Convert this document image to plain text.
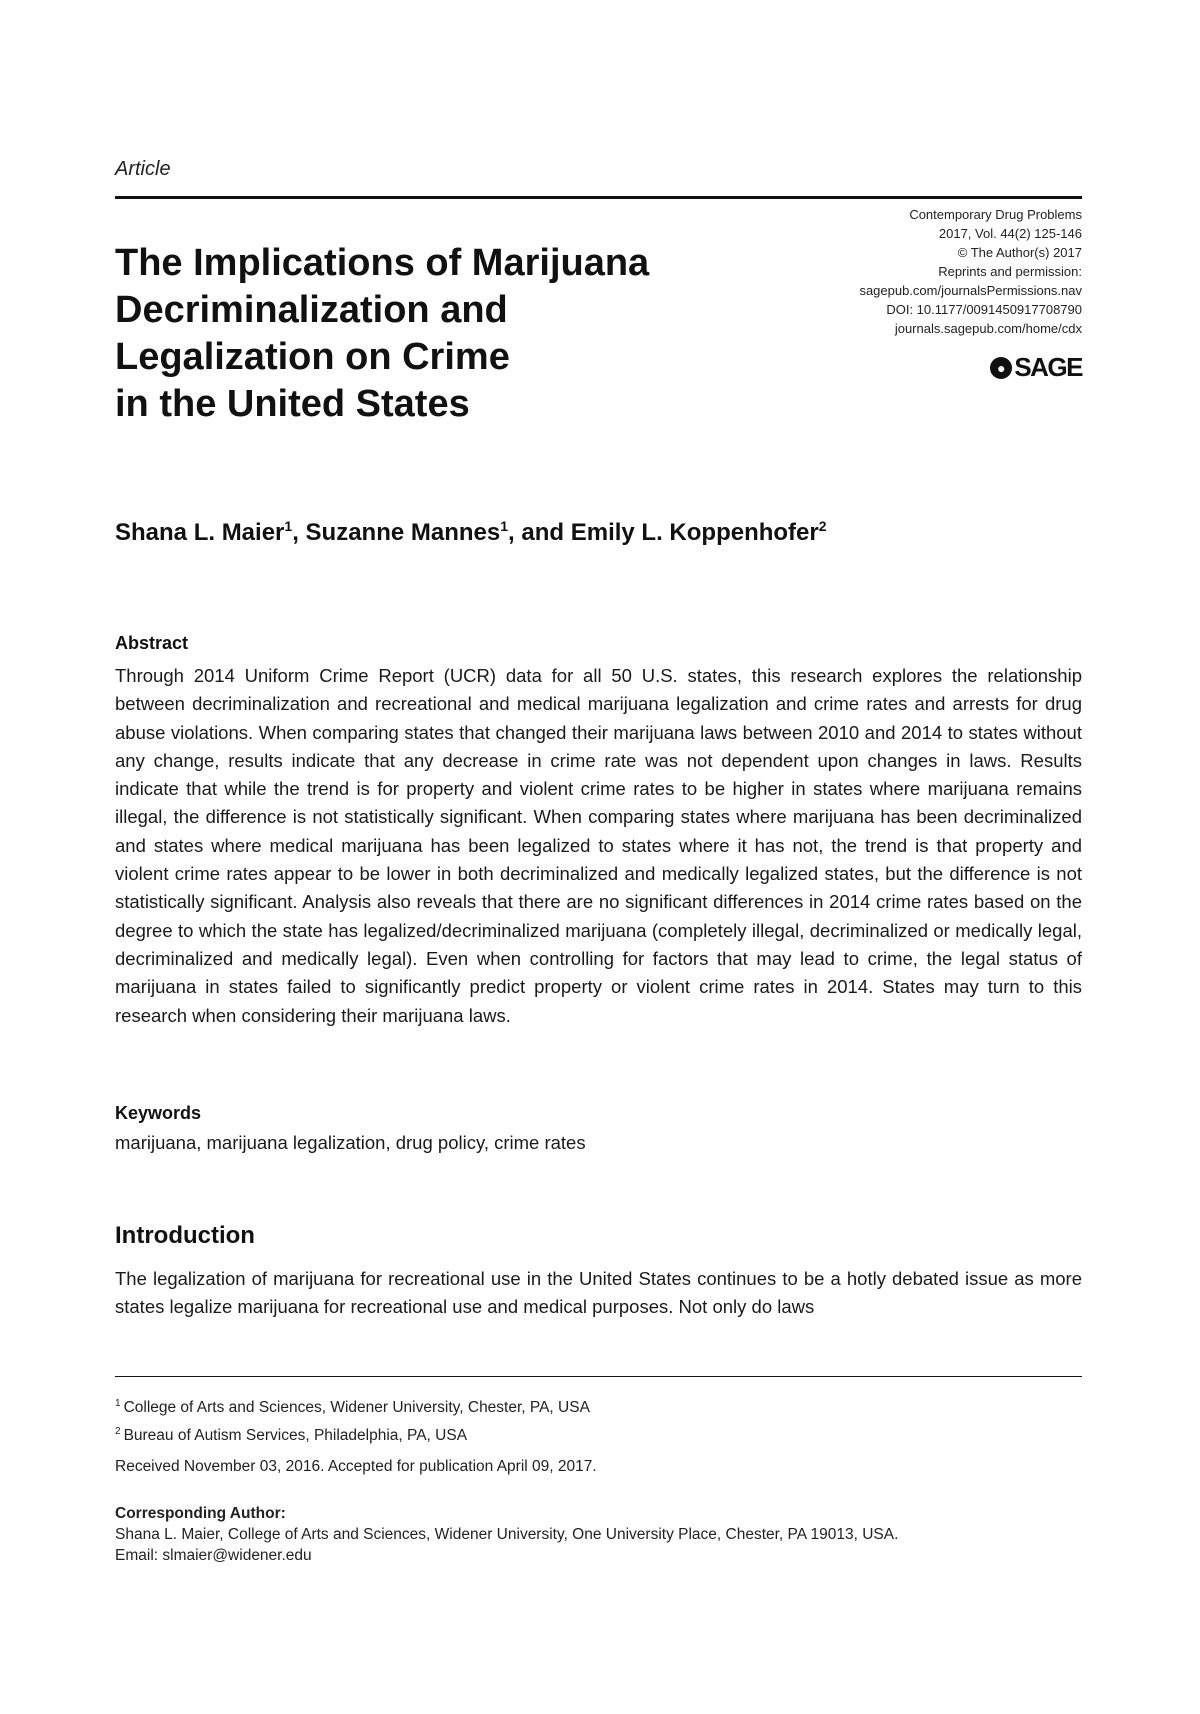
Article
Contemporary Drug Problems
2017, Vol. 44(2) 125-146
© The Author(s) 2017
Reprints and permission:
sagepub.com/journalsPermissions.nav
DOI: 10.1177/0091450917708790
journals.sagepub.com/home/cdx
● SAGE
The Implications of Marijuana
Decriminalization and
Legalization on Crime
in the United States
Shana L. Maier$^1$, Suzanne Mannes$^1$, and Emily L. Koppenhofer$^2$
Abstract
Through 2014 Uniform Crime Report (UCR) data for all 50 U.S. states, this research explores the relationship between decriminalization and recreational and medical marijuana legalization and crime rates and arrests for drug abuse violations. When comparing states that changed their marijuana laws between 2010 and 2014 to states without any change, results indicate that any decrease in crime rate was not dependent upon changes in laws. Results indicate that while the trend is for property and violent crime rates to be higher in states where marijuana remains illegal, the difference is not statistically significant. When comparing states where marijuana has been decriminalized and states where medical marijuana has been legalized to states where it has not, the trend is that property and violent crime rates appear to be lower in both decriminalized and medically legalized states, but the difference is not statistically significant. Analysis also reveals that there are no significant differences in 2014 crime rates based on the degree to which the state has legalized/decriminalized marijuana (completely illegal, decriminalized or medically legal, decriminalized and medically legal). Even when controlling for factors that may lead to crime, the legal status of marijuana in states failed to significantly predict property or violent crime rates in 2014. States may turn to this research when considering their marijuana laws.
Keywords
marijuana, marijuana legalization, drug policy, crime rates
Introduction
The legalization of marijuana for recreational use in the United States continues to be a hotly debated issue as more states legalize marijuana for recreational use and medical purposes. Not only do laws
$^1$ College of Arts and Sciences, Widener University, Chester, PA, USA
$^2$ Bureau of Autism Services, Philadelphia, PA, USA
Received November 03, 2016. Accepted for publication April 09, 2017.
Corresponding Author:
Shana L. Maier, College of Arts and Sciences, Widener University, One University Place, Chester, PA 19013, USA.
Email: slmaier@widener.edu
